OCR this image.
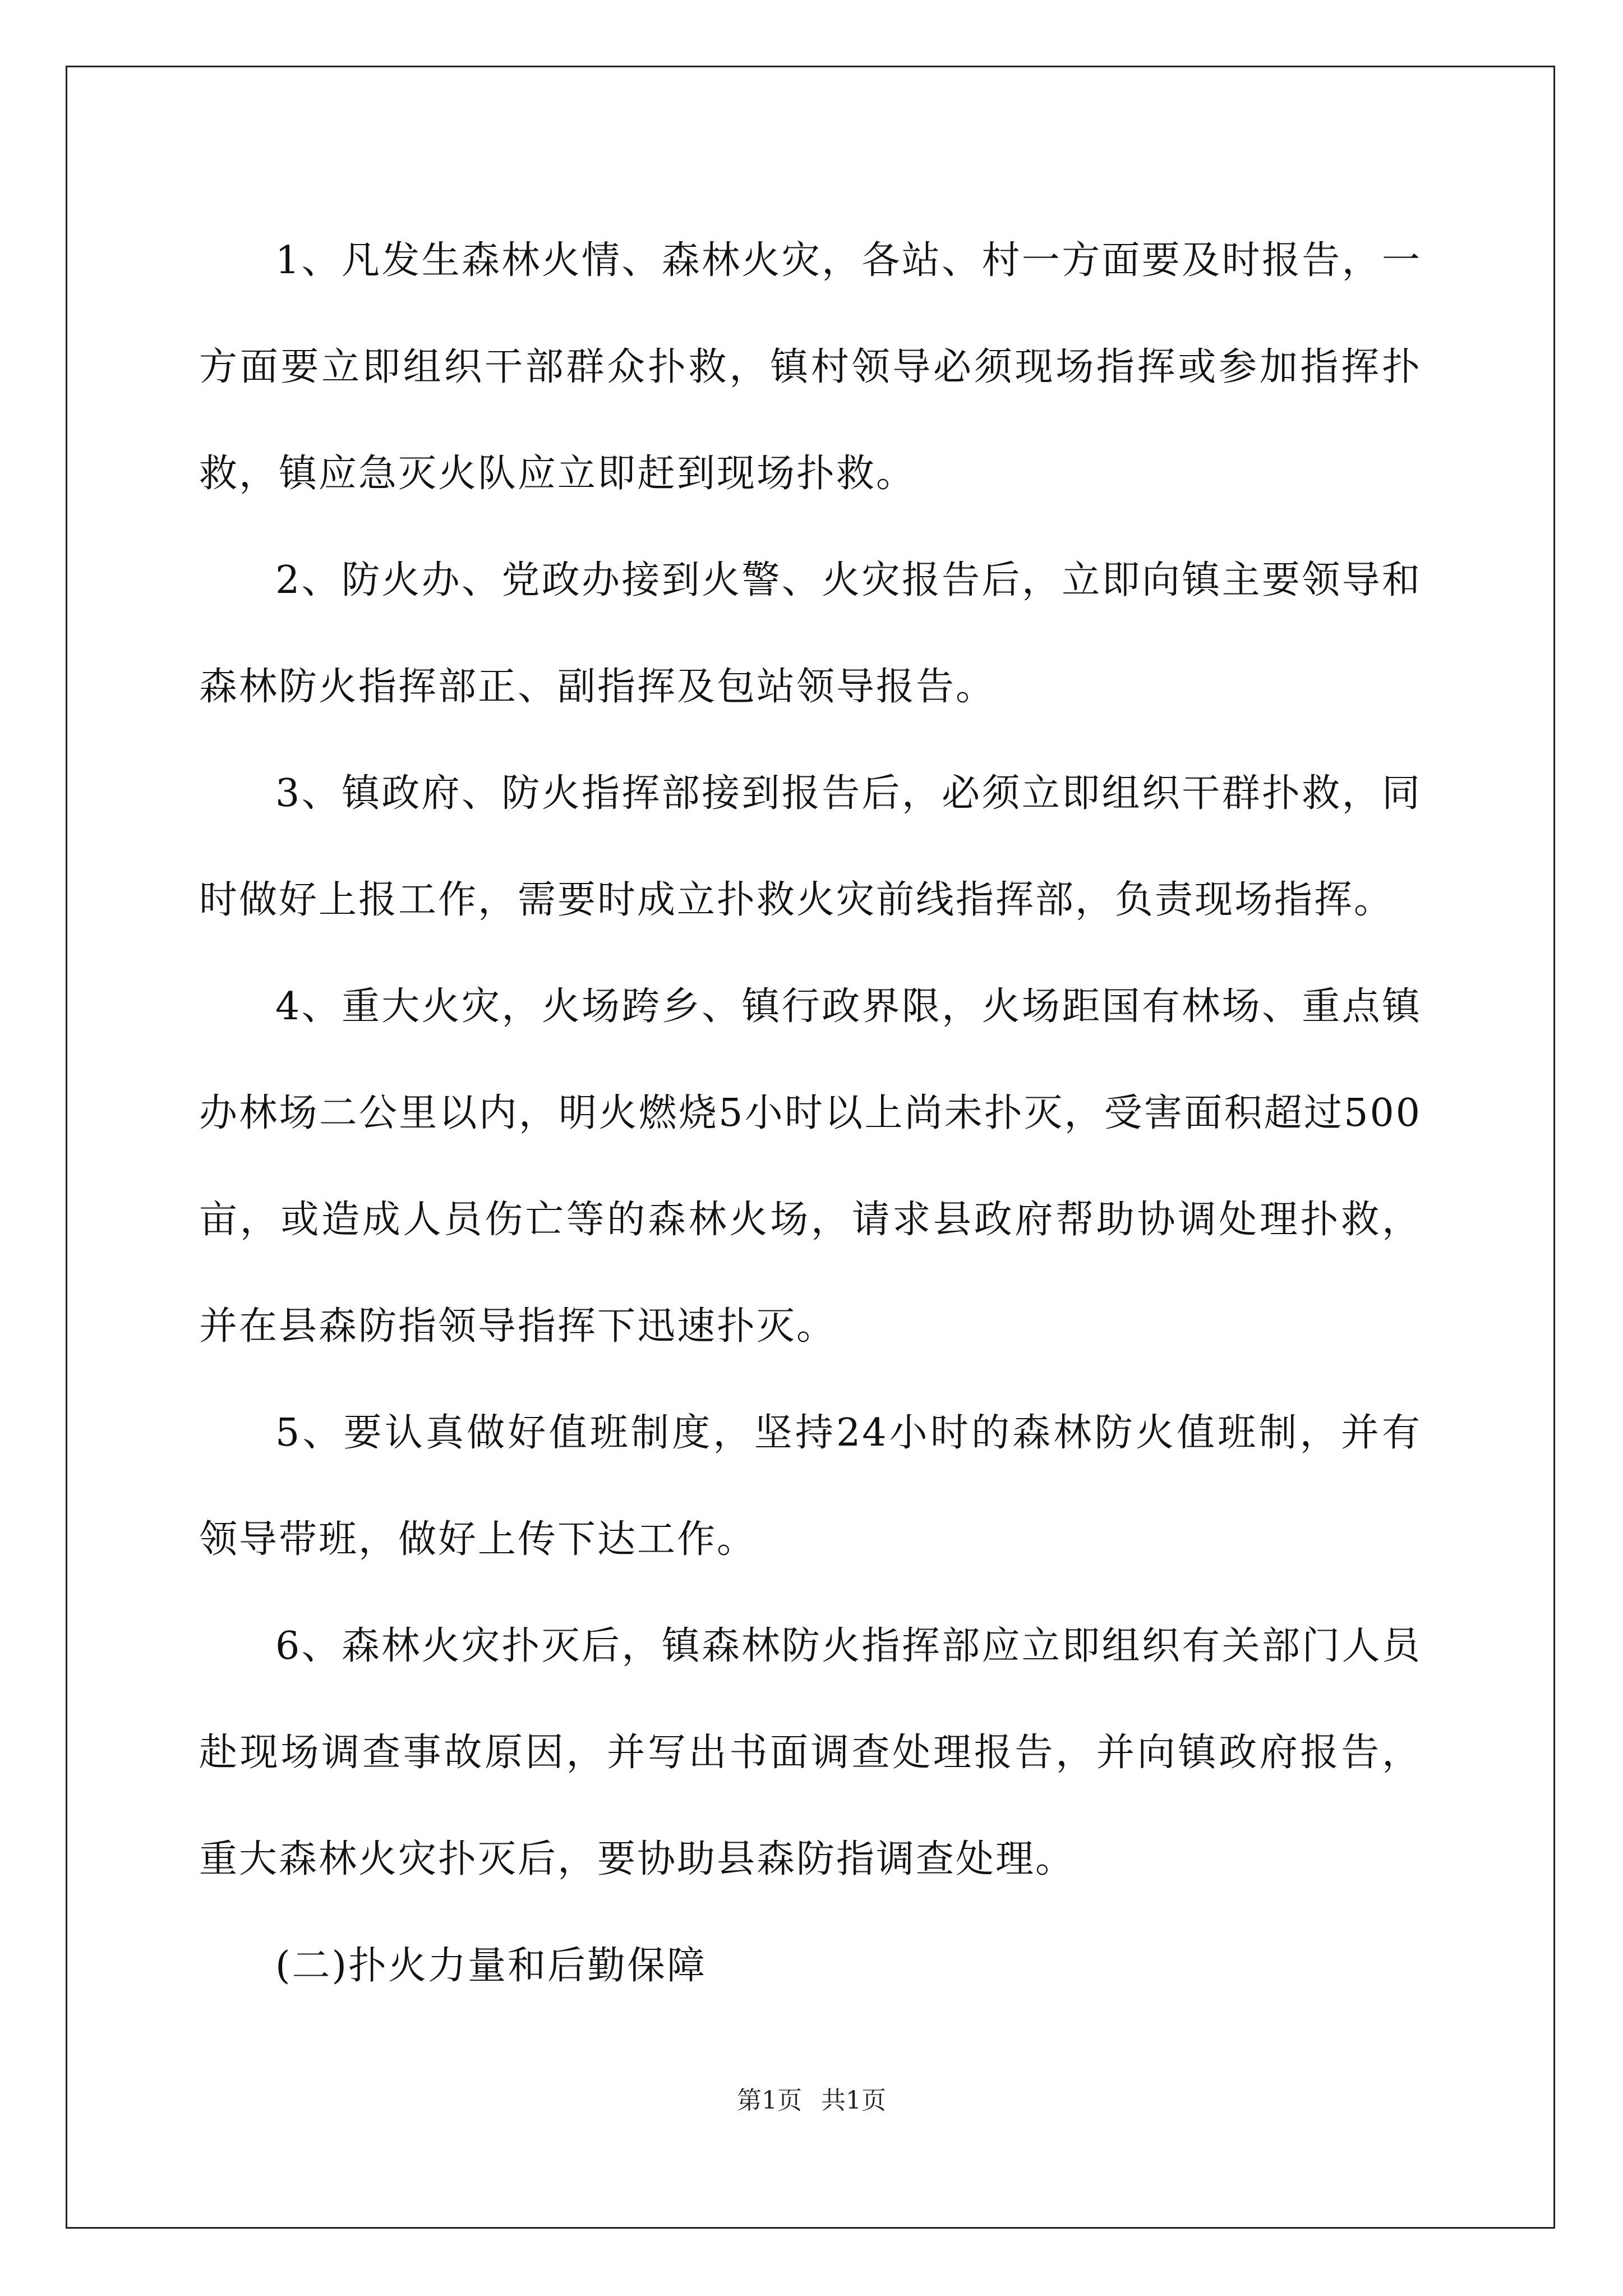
1、凡发生森林火情、森林火灾，各站、村一方面要及时报告，一方面要立即组织干部群众扑救，镇村领导必须现场指挥或参加指挥扑救，镇应急灭火队应立即赶到现场扑救。

2、防火办、党政办接到火警、火灾报告后，立即向镇主要领导和森林防火指挥部正、副指挥及包站领导报告。

3、镇政府、防火指挥部接到报告后，必须立即组织干群扑救，同时做好上报工作，需要时成立扑救火灾前线指挥部，负责现场指挥。

4、重大火灾，火场跨乡、镇行政界限，火场距国有林场、重点镇办林场二公里以内，明火燃烧5小时以上尚未扑灭，受害面积超过500亩，或造成人员伤亡等的森林火场，请求县政府帮助协调处理扑救，并在县森防指领导指挥下迅速扑灭。

5、要认真做好值班制度，坚持24小时的森林防火值班制，并有领导带班，做好上传下达工作。

6、森林火灾扑灭后，镇森林防火指挥部应立即组织有关部门人员赴现场调查事故原因，并写出书面调查处理报告，并向镇政府报告，重大森林火灾扑灭后，要协助县森防指调查处理。

(二)扑火力量和后勤保障

第1页 共1页
